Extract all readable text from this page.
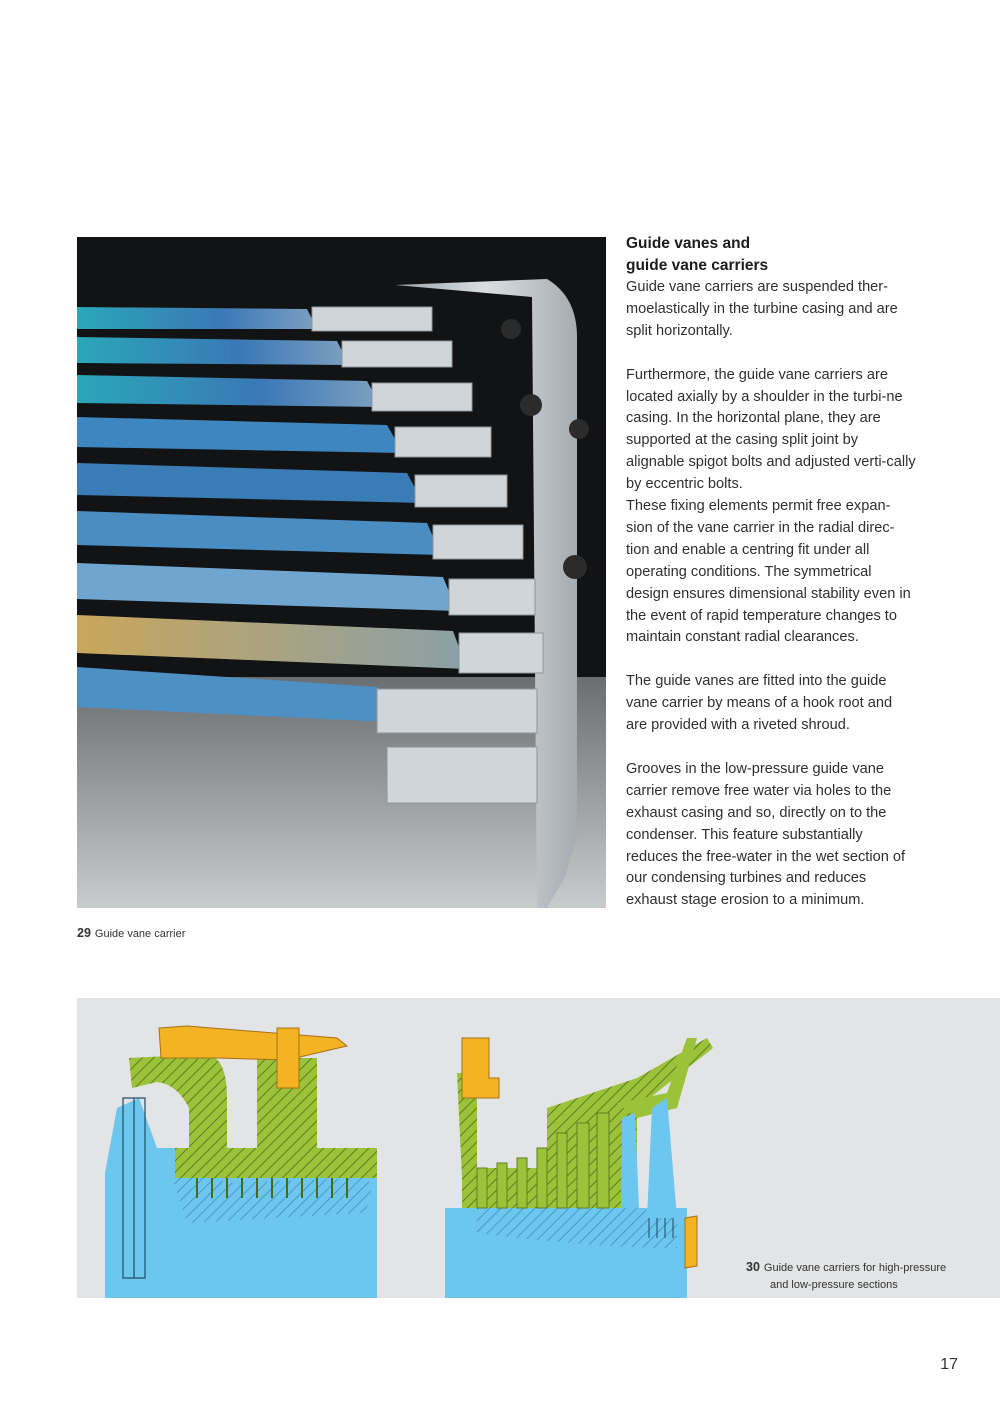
Guide vanes and
guide vane carriers

Guide vane carriers are suspended ther-moelastically in the turbine casing and are split horizontally.

Furthermore, the guide vane carriers are located axially by a shoulder in the turbi-ne casing. In the horizontal plane, they are supported at the casing split joint by alignable spigot bolts and adjusted verti-cally by eccentric bolts.

These fixing elements permit free expan-sion of the vane carrier in the radial direc-tion and enable a centring fit under all operating conditions. The symmetrical design ensures dimensional stability even in the event of rapid temperature changes to maintain constant radial clearances.

The guide vanes are fitted into the guide vane carrier by means of a hook root and are provided with a riveted shroud.

Grooves in the low-pressure guide vane carrier remove free water via holes to the exhaust casing and so, directly on to the condenser. This feature substantially reduces the free-water in the wet section of our condensing turbines and reduces exhaust stage erosion to a minimum.

29 Guide vane carrier
30 Guide vane carriers for high-pressure
and low-pressure sections
17
